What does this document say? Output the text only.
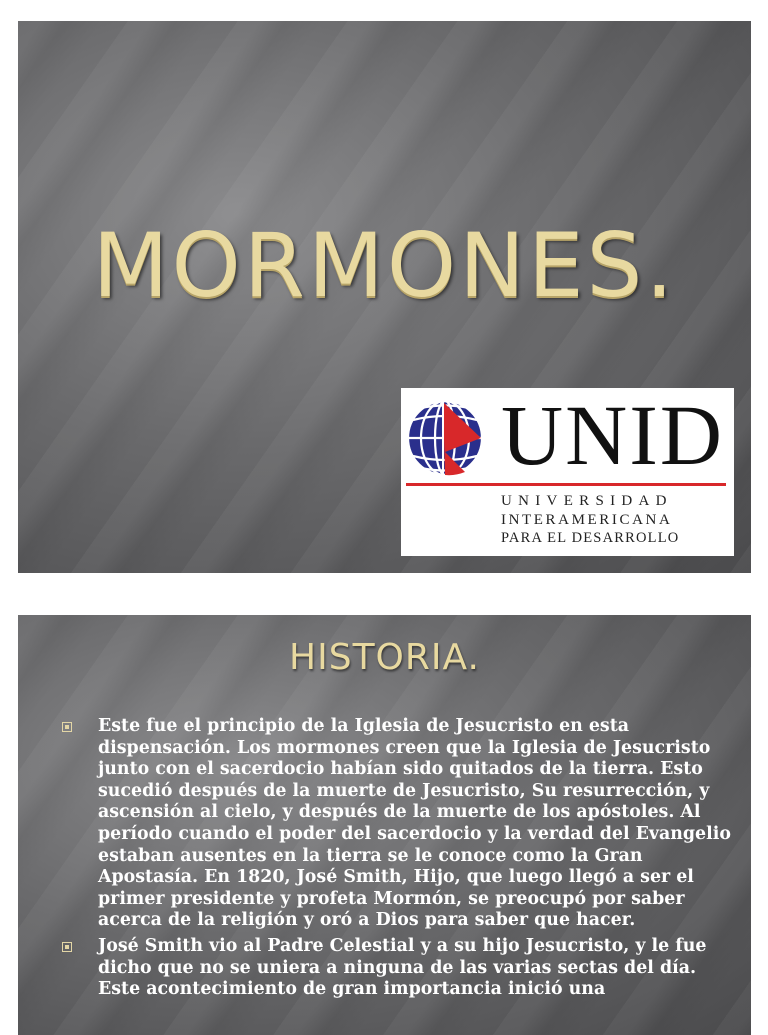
MORMONES.
UNID
UNIVERSIDAD
INTERAMERICANA
PARA EL DESARROLLO
HISTORIA.
Este fue el principio de la Iglesia de Jesucristo en esta dispensación. Los mormones creen que la Iglesia de Jesucristo junto con el sacerdocio habían sido quitados de la tierra. Esto sucedió después de la muerte de Jesucristo, Su resurrección, y ascensión al cielo, y después de la muerte de los apóstoles. Al período cuando el poder del sacerdocio y la verdad del Evangelio estaban ausentes en la tierra se le conoce como la Gran Apostasía. En 1820, José Smith, Hijo, que luego llegó a ser el primer presidente y profeta Mormón, se preocupó por saber acerca de la religión y oró a Dios para saber que hacer.
José Smith vio al Padre Celestial y a su hijo Jesucristo, y le fue dicho que no se uniera a ninguna de las varias sectas del día. Este acontecimiento de gran importancia inició una
